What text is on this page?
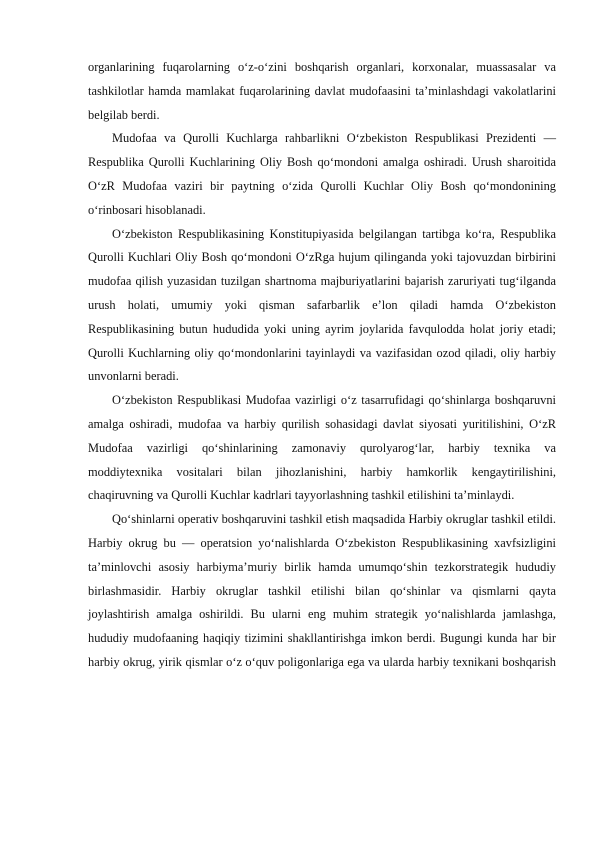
organlarining fuqarolarning o‘z-o‘zini boshqarish organlari, korxonalar, muassasalar va tashkilotlar hamda mamlakat fuqarolarining davlat mudofaasini ta’minlashdagi vakolatlarini belgilab berdi.

Mudofaa va Qurolli Kuchlarga rahbarlikni O‘zbekiston Respublikasi Prezidenti — Respublika Qurolli Kuchlarining Oliy Bosh qo‘mondoni amalga oshiradi. Urush sharoitida O‘zR Mudofaa vaziri bir paytning o‘zida Qurolli Kuchlar Oliy Bosh qo‘mondonining o‘rinbosari hisoblanadi.

O‘zbekiston Respublikasining Konstitupiyasida belgilangan tartibga ko‘ra, Respublika Qurolli Kuchlari Oliy Bosh qo‘mondoni O‘zRga hujum qilinganda yoki tajovuzdan birbirini mudofaa qilish yuzasidan tuzilgan shartnoma majburiyatlarini bajarish zaruriyati tug‘ilganda urush holati, umumiy yoki qisman safarbarlik e’lon qiladi hamda O‘zbekiston Respublikasining butun hududida yoki uning ayrim joylarida favqulodda holat joriy etadi; Qurolli Kuchlarning oliy qo‘mondonlarini tayinlaydi va vazifasidan ozod qiladi, oliy harbiy unvonlarni beradi.

O‘zbekiston Respublikasi Mudofaa vazirligi o‘z tasarrufidagi qo‘shinlarga boshqaruvni amalga oshiradi, mudofaa va harbiy qurilish sohasidagi davlat siyosati yuritilishini, O‘zR Mudofaa vazirligi qo‘shinlarining zamonaviy qurolyarog‘lar, harbiy texnika va moddiytexnika vositalari bilan jihozlanishini, harbiy hamkorlik kengaytirilishini, chaqiruvning va Qurolli Kuchlar kadrlari tayyorlashning tashkil etilishini ta’minlaydi.

Qo‘shinlarni operativ boshqaruvini tashkil etish maqsadida Harbiy okruglar tashkil etildi. Harbiy okrug bu — operatsion yo‘nalishlarda O‘zbekiston Respublikasining xavfsizligini ta’minlovchi asosiy harbiyma’muriy birlik hamda umumqo‘shin tezkorstrategik hududiy birlashmasidir. Harbiy okruglar tashkil etilishi bilan qo‘shinlar va qismlarni qayta joylashtirish amalga oshirildi. Bu ularni eng muhim strategik yo‘nalishlarda jamlashga, hududiy mudofaaning haqiqiy tizimini shakllantirishga imkon berdi. Bugungi kunda har bir harbiy okrug, yirik qismlar o‘z o‘quv poligonlariga ega va ularda harbiy texnikani boshqarish
